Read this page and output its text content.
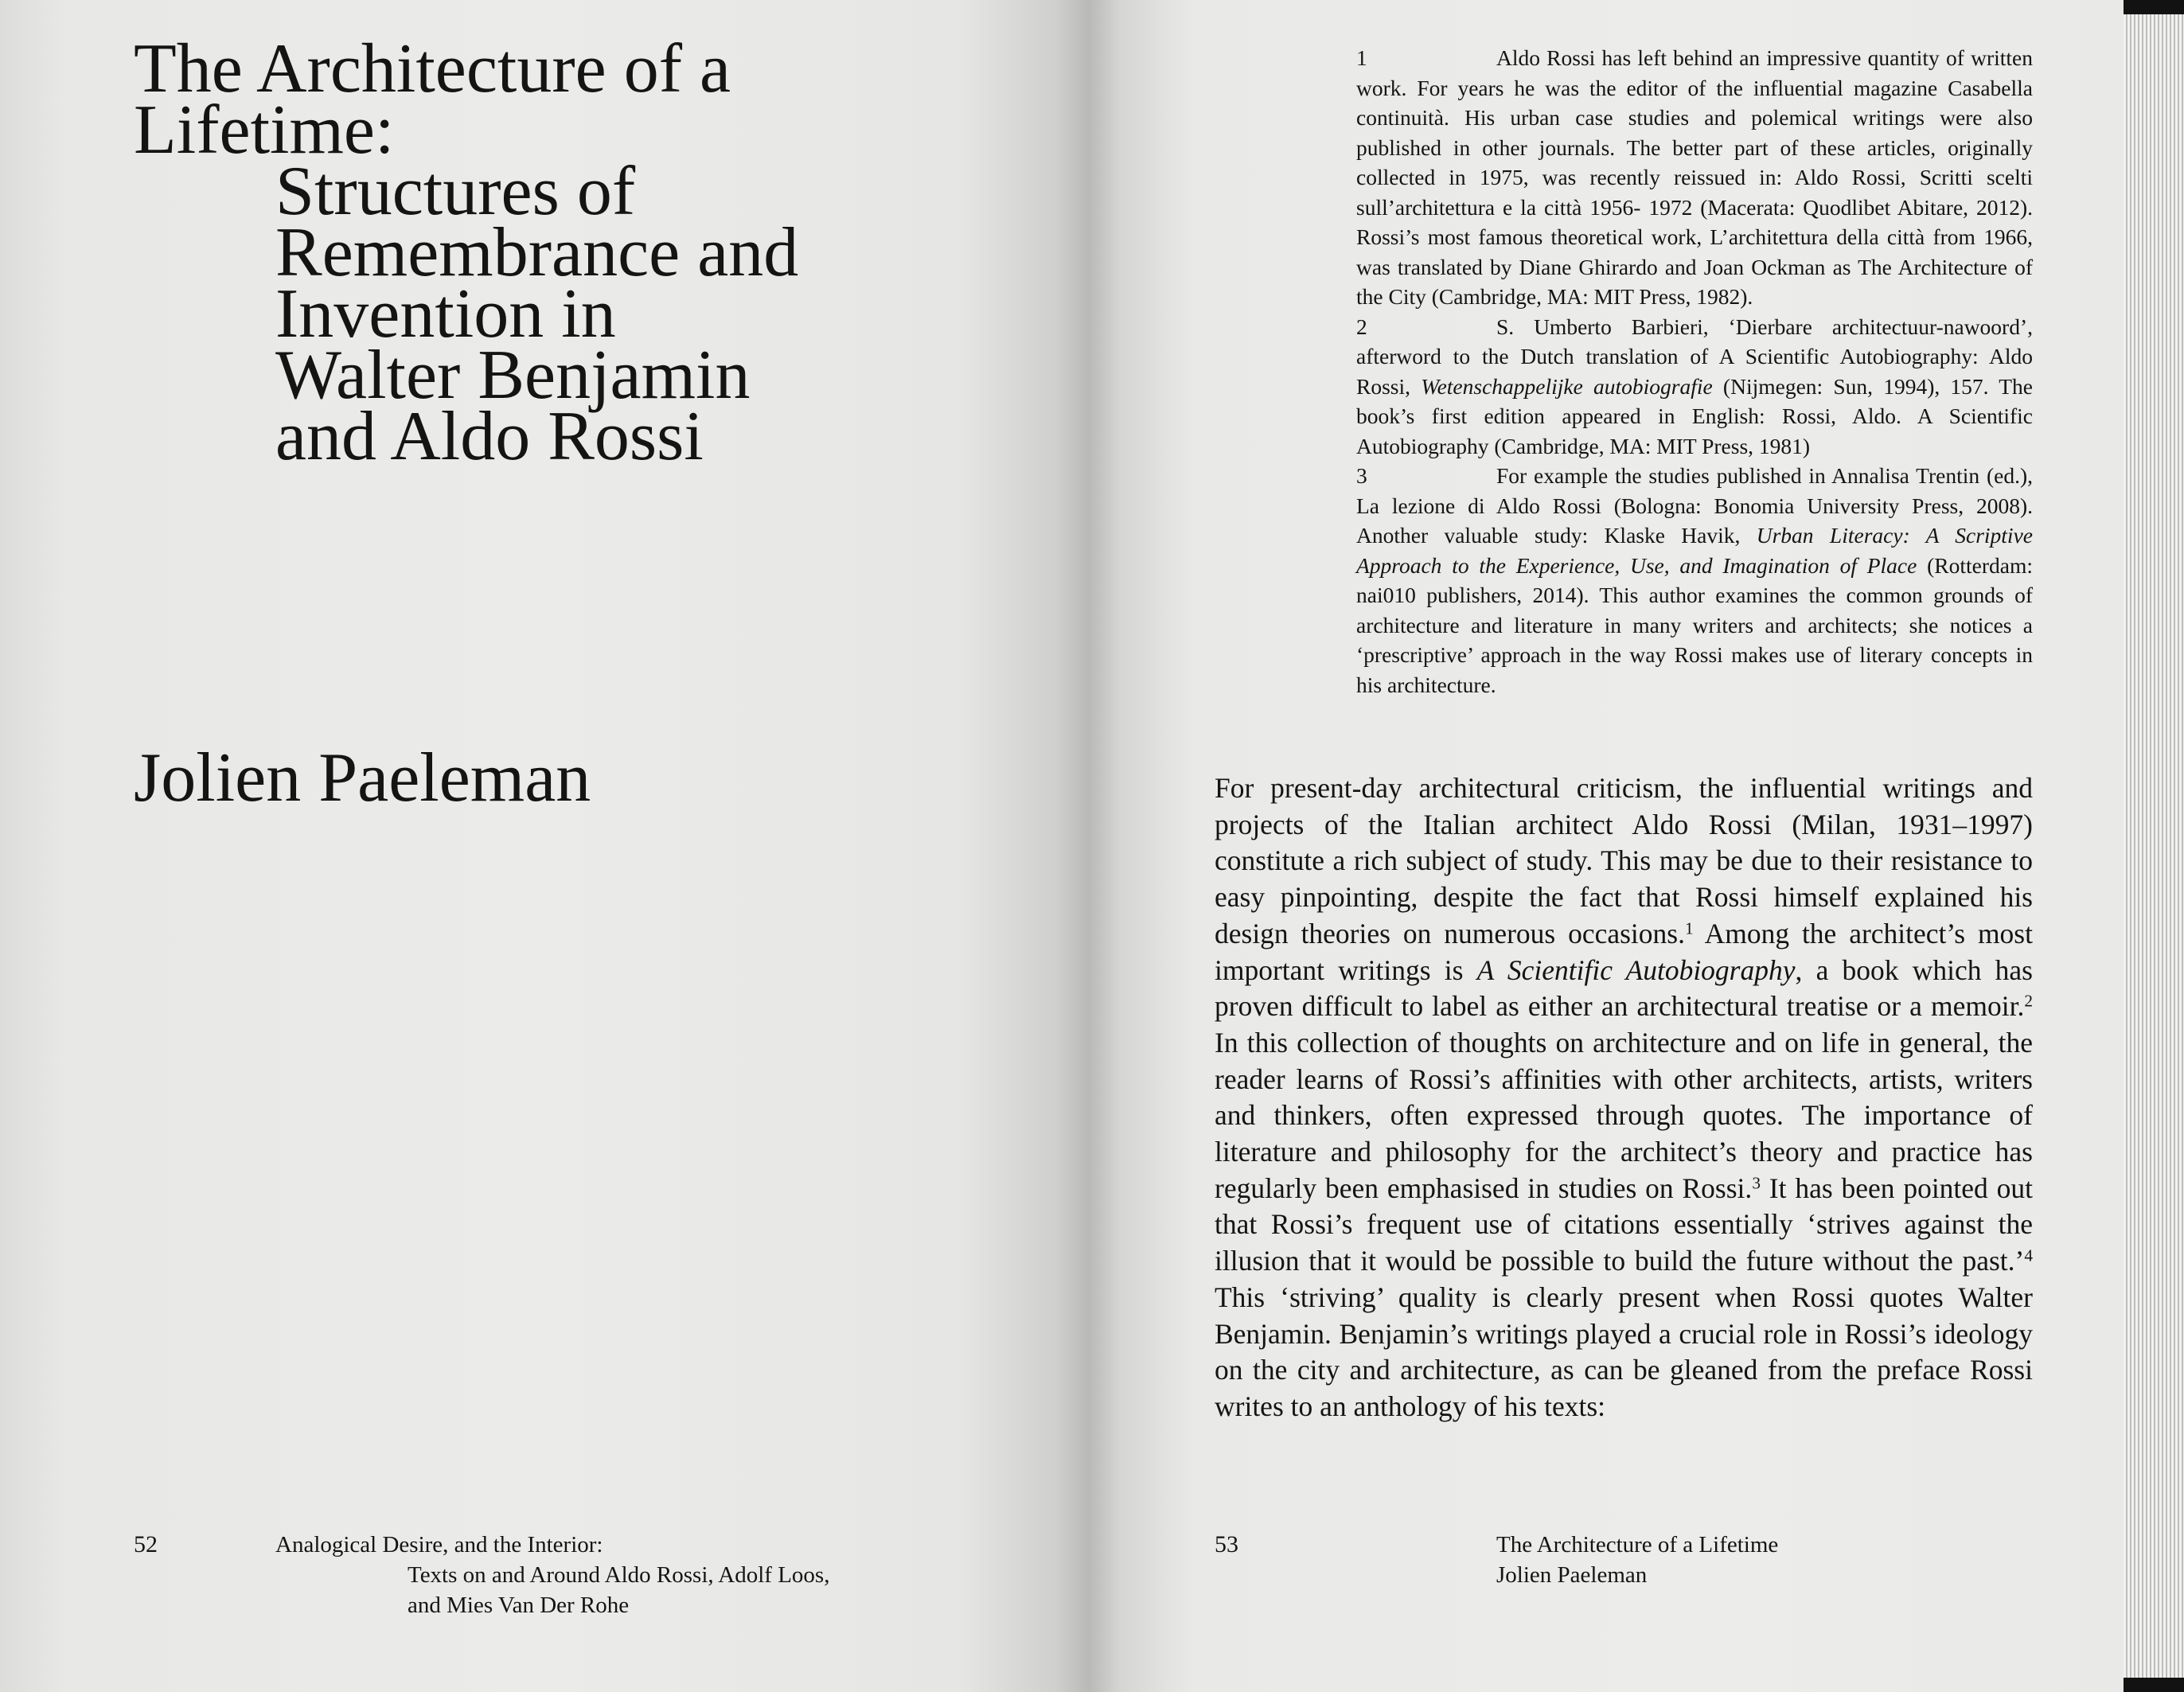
The Architecture of a
Lifetime:
Structures of
Remembrance and
Invention in
Walter Benjamin
and Aldo Rossi
Jolien Paeleman
52	Analogical Desire, and the Interior:
Texts on and Around Aldo Rossi, Adolf Loos,
and Mies Van Der Rohe
1	Aldo Rossi has left behind an impressive quantity of written work. For years he was the editor of the influential magazine Casabella continuità. His urban case studies and polemical writings were also published in other journals. The better part of these articles, originally collected in 1975, was recently reissued in: Aldo Rossi, Scritti scelti sull’architettura e la città 1956- 1972 (Macerata: Quodlibet Abitare, 2012). Rossi’s most famous theoretical work, L’architettura della città from 1966, was translated by Diane Ghirardo and Joan Ockman as The Architecture of the City (Cambridge, MA: MIT Press, 1982).
2	S. Umberto Barbieri, ‘Dierbare architectuur-nawoord’, afterword to the Dutch translation of A Scientific Autobiography: Aldo Rossi, Wetenschappelijke autobiografie (Nijmegen: Sun, 1994), 157. The book’s first edition appeared in English: Rossi, Aldo. A Scientific Autobiography (Cambridge, MA: MIT Press, 1981)
3	For example the studies published in Annalisa Trentin (ed.), La lezione di Aldo Rossi (Bologna: Bonomia University Press, 2008). Another valuable study: Klaske Havik, Urban Literacy: A Scriptive Approach to the Experience, Use, and Imagination of Place (Rotterdam: nai010 publishers, 2014). This author examines the common grounds of architecture and literature in many writers and architects; she notices a ‘prescriptive’ approach in the way Rossi makes use of literary concepts in his architecture.
For present-day architectural criticism, the influential writings and projects of the Italian architect Aldo Rossi (Milan, 1931–1997) constitute a rich subject of study. This may be due to their resistance to easy pinpointing, despite the fact that Rossi himself explained his design theories on numerous occasions.$^1$ Among the architect’s most important writings is A Scientific Autobiography, a book which has proven difficult to label as either an architectural treatise or a memoir.$^2$ In this collection of thoughts on architecture and on life in general, the reader learns of Rossi’s affinities with other architects, artists, writers and thinkers, often expressed through quotes. The importance of literature and philosophy for the architect’s theory and practice has regularly been emphasised in studies on Rossi.$^3$ It has been pointed out that Rossi’s frequent use of citations essentially ‘strives against the illusion that it would be possible to build the future without the past.’$^4$ This ‘striving’ quality is clearly present when Rossi quotes Walter Benjamin. Benjamin’s writings played a crucial role in Rossi’s ideology on the city and architecture, as can be gleaned from the preface Rossi writes to an anthology of his texts:
53	The Architecture of a Lifetime
Jolien Paeleman
